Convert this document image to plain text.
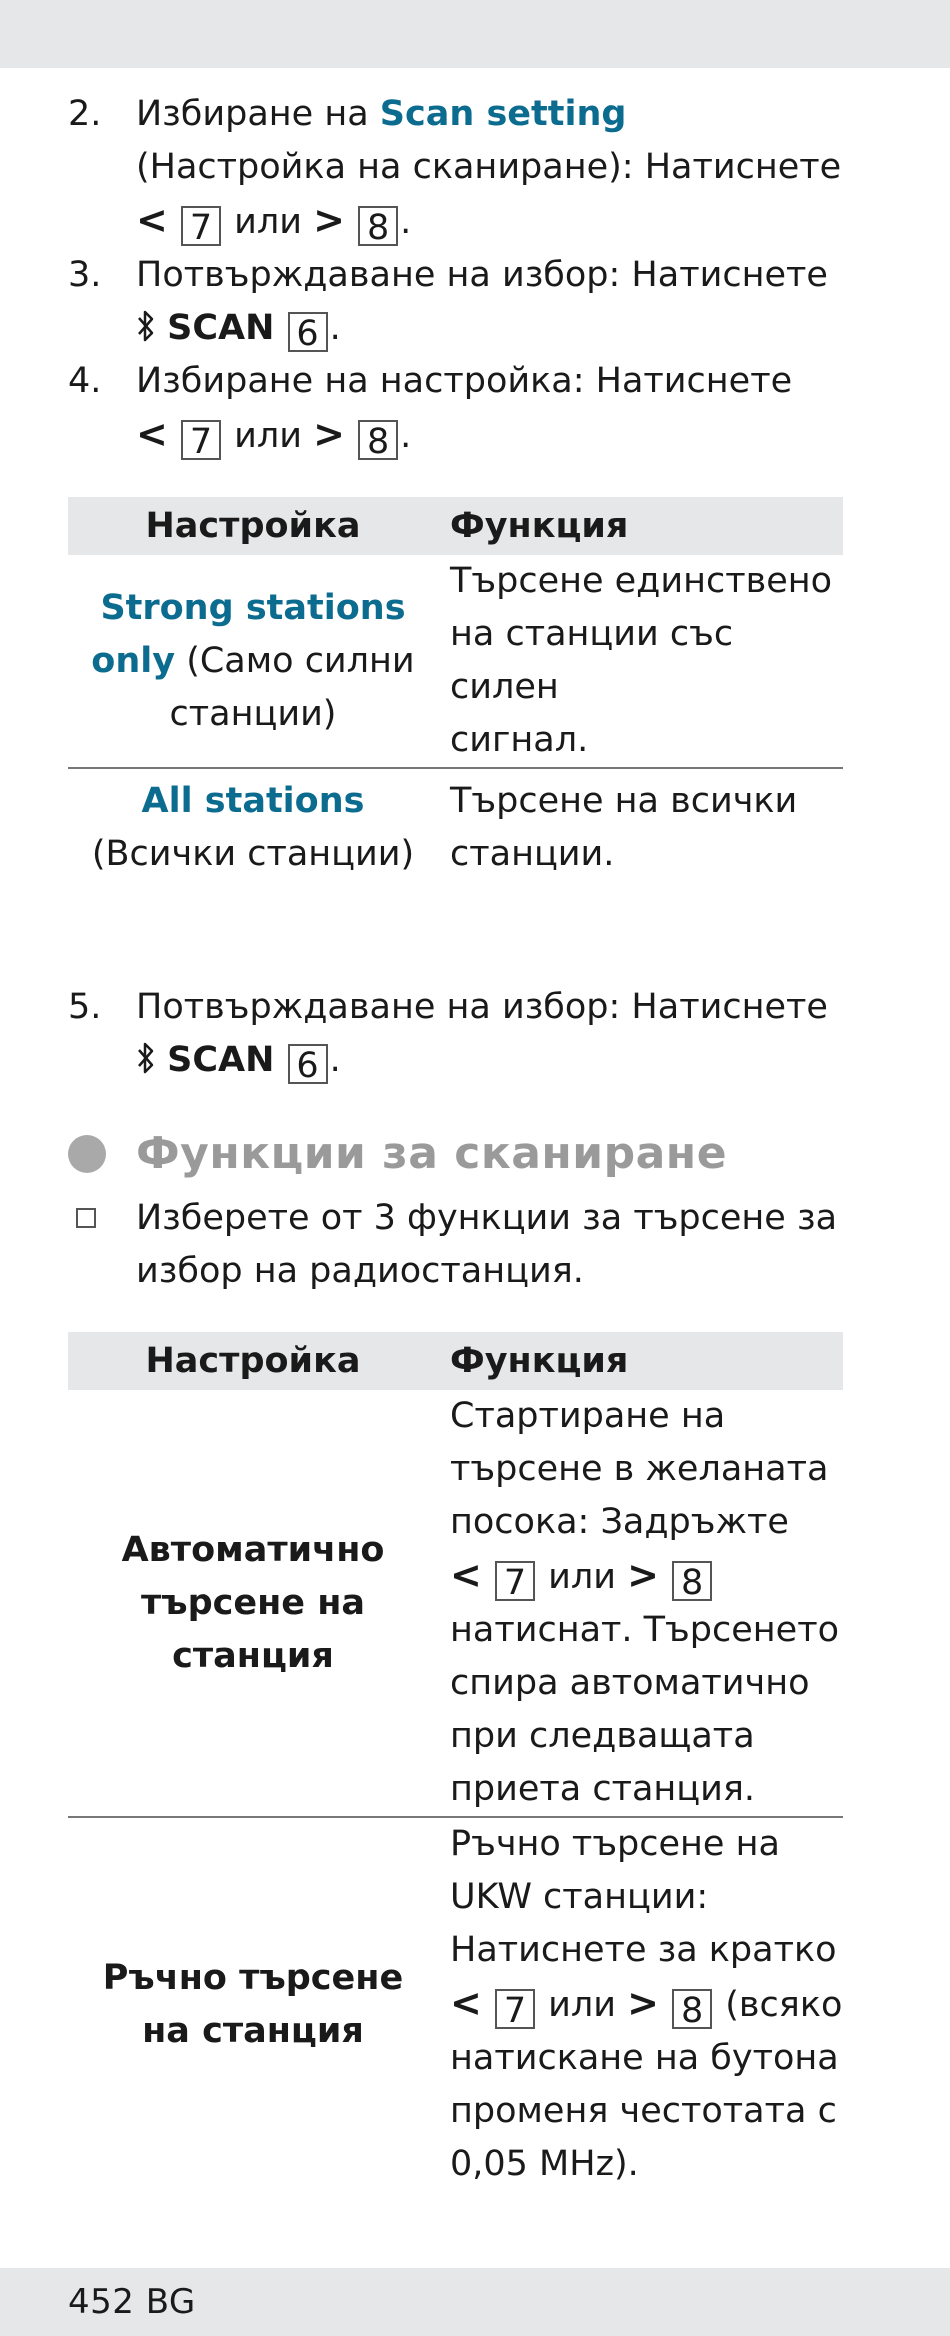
2. Избиране на Scan setting
(Настройка на сканиране): Натиснете
< 7 или > 8 .
3. Потвърждаване на избор: Натиснете
SCAN 6 .
4. Избиране на настройка: Натиснете
< 7 или > 8 .
Настройка	Функция
Strong stations
only (Само силни
станции)
Търсене единствено
на станции със силен
сигнал.
All stations
(Всички станции)
Търсене на всички
станции.
5. Потвърждаване на избор: Натиснете
SCAN 6 .
Функции за сканиране
Изберете от 3 функции за търсене за
избор на радиостанция.
Настройка	Функция
Автоматично
търсене на
станция
Стартиране на
търсене в желаната
посока: Задръжте
< 7 или > 8
натиснат. Търсенето
спира автоматично
при следващата
приета станция.
Ръчно търсене
на станция
Ръчно търсене на
UKW станции:
Натиснете за кратко
< 7 или > 8 (всяко
натискане на бутона
променя честотата с
0,05 MHz).
452 BG
